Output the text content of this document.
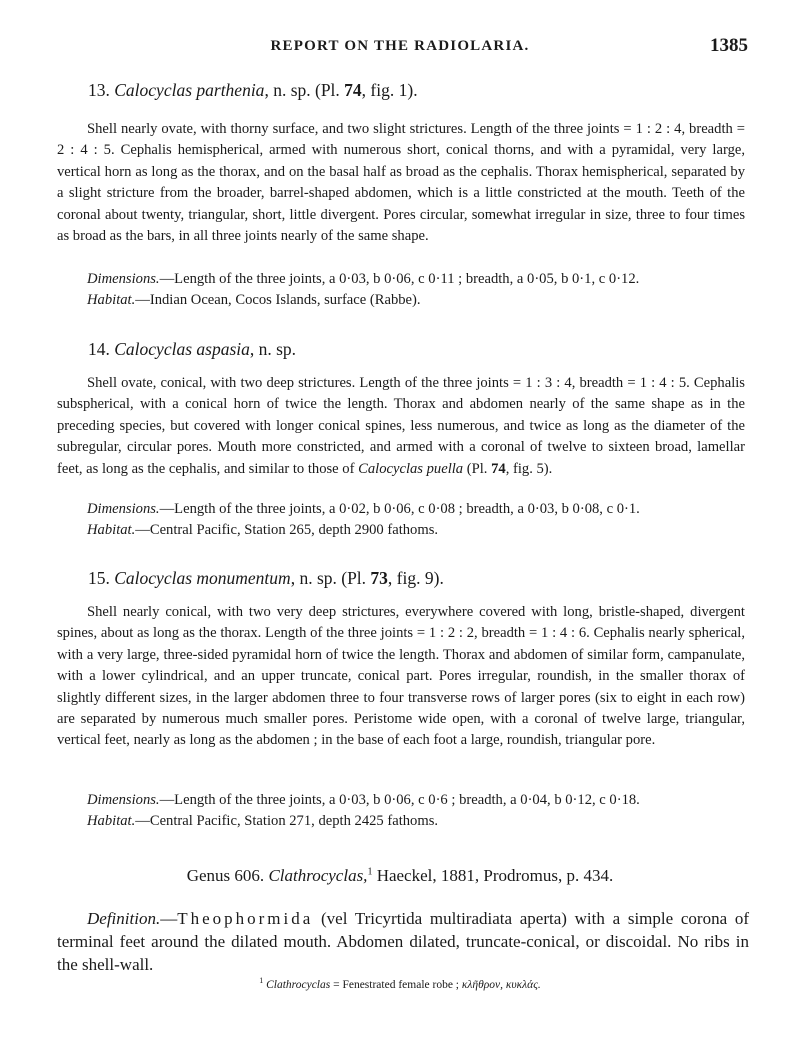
REPORT ON THE RADIOLARIA.	1385
13. Calocyclas parthenia, n. sp. (Pl. 74, fig. 1).
Shell nearly ovate, with thorny surface, and two slight strictures. Length of the three joints = 1 : 2 : 4, breadth = 2 : 4 : 5. Cephalis hemispherical, armed with numerous short, conical thorns, and with a pyramidal, very large, vertical horn as long as the thorax, and on the basal half as broad as the cephalis. Thorax hemispherical, separated by a slight stricture from the broader, barrel-shaped abdomen, which is a little constricted at the mouth. Teeth of the coronal about twenty, triangular, short, little divergent. Pores circular, somewhat irregular in size, three to four times as broad as the bars, in all three joints nearly of the same shape.
Dimensions.—Length of the three joints, a 0·03, b 0·06, c 0·11 ; breadth, a 0·05, b 0·1, c 0·12.
Habitat.—Indian Ocean, Cocos Islands, surface (Rabbe).
14. Calocyclas aspasia, n. sp.
Shell ovate, conical, with two deep strictures. Length of the three joints = 1 : 3 : 4, breadth = 1 : 4 : 5. Cephalis subspherical, with a conical horn of twice the length. Thorax and abdomen nearly of the same shape as in the preceding species, but covered with longer conical spines, less numerous, and twice as long as the diameter of the subregular, circular pores. Mouth more constricted, and armed with a coronal of twelve to sixteen broad, lamellar feet, as long as the cephalis, and similar to those of Calocyclas puella (Pl. 74, fig. 5).
Dimensions.—Length of the three joints, a 0·02, b 0·06, c 0·08 ; breadth, a 0·03, b 0·08, c 0·1.
Habitat.—Central Pacific, Station 265, depth 2900 fathoms.
15. Calocyclas monumentum, n. sp. (Pl. 73, fig. 9).
Shell nearly conical, with two very deep strictures, everywhere covered with long, bristle-shaped, divergent spines, about as long as the thorax. Length of the three joints = 1 : 2 : 2, breadth = 1 : 4 : 6. Cephalis nearly spherical, with a very large, three-sided pyramidal horn of twice the length. Thorax and abdomen of similar form, campanulate, with a lower cylindrical, and an upper truncate, conical part. Pores irregular, roundish, in the smaller thorax of slightly different sizes, in the larger abdomen three to four transverse rows of larger pores (six to eight in each row) are separated by numerous much smaller pores. Peristome wide open, with a coronal of twelve large, triangular, vertical feet, nearly as long as the abdomen ; in the base of each foot a large, roundish, triangular pore.
Dimensions.—Length of the three joints, a 0·03, b 0·06, c 0·6 ; breadth, a 0·04, b 0·12, c 0·18.
Habitat.—Central Pacific, Station 271, depth 2425 fathoms.
Genus 606. Clathrocyclas,$^1$ Haeckel, 1881, Prodromus, p. 434.
Definition.—Theophormida (vel Tricyrtida multiradiata aperta) with a simple corona of terminal feet around the dilated mouth. Abdomen dilated, truncate-conical, or discoidal. No ribs in the shell-wall.
$^1$ Clathrocyclas = Fenestrated female robe ; κλῆθρον, κυκλάς.
